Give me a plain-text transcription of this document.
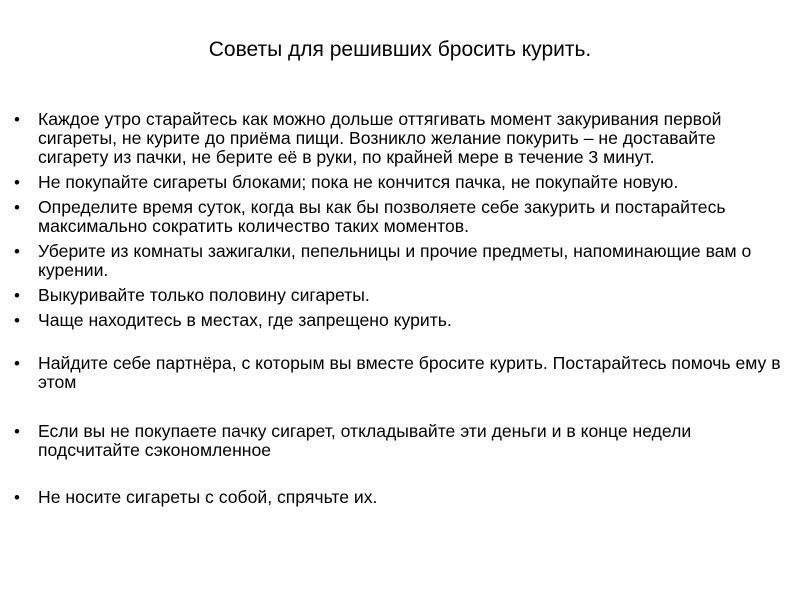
Советы для решивших бросить курить.
•	Каждое утро старайтесь как можно дольше оттягивать момент закуривания первой сигареты, не курите до приёма пищи. Возникло желание покурить – не доставайте сигарету из пачки, не берите её в руки, по крайней мере в течение 3 минут.
•	Не покупайте сигареты блоками; пока не кончится пачка, не покупайте новую.
•	Определите время суток, когда вы как бы позволяете себе закурить и постарайтесь максимально сократить количество таких моментов.
•	Уберите из комнаты зажигалки, пепельницы и прочие предметы, напоминающие вам о курении.
•	Выкуривайте только половину сигареты.
•	Чаще находитесь в местах, где запрещено курить.
•	Найдите себе партнёра, с которым вы вместе бросите курить. Постарайтесь помочь ему в этом
•	Если вы не покупаете пачку сигарет, откладывайте эти деньги и в конце недели подсчитайте сэкономленное
•	Не носите сигареты с собой, спрячьте их.
